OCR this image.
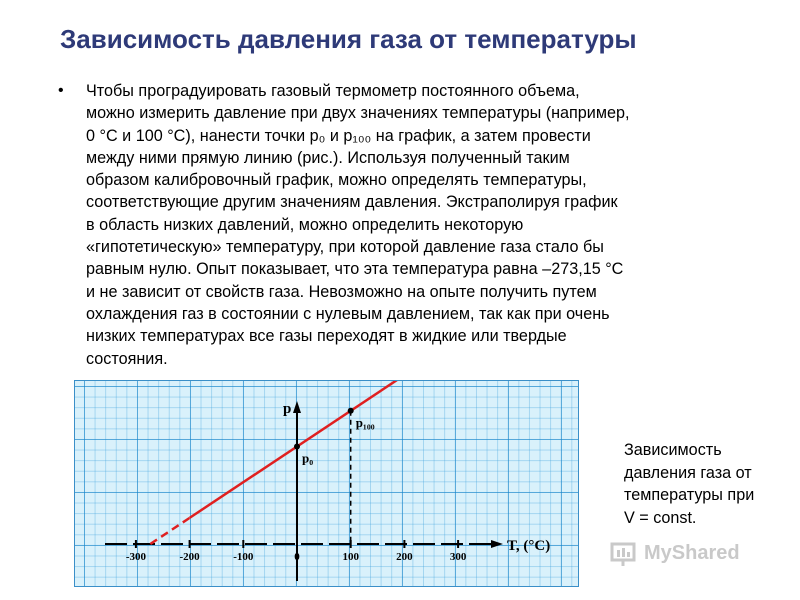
Зависимость давления газа от температуры
• Чтобы проградуировать газовый термометр постоянного объема,
можно измерить давление при двух значениях температуры (например,
0 °С и 100 °С), нанести точки p₀ и p₁₀₀ на график, а затем провести
между ними прямую линию (рис.). Используя полученный таким
образом калибровочный график, можно определять температуры,
соответствующие другим значениям давления. Экстраполируя график
в область низких давлений, можно определить некоторую
«гипотетическую» температуру, при которой давление газа стало бы
равным нулю. Опыт показывает, что эта температура равна –273,15 °С
и не зависит от свойств газа. Невозможно на опыте получить путем
охлаждения газ в состоянии с нулевым давлением, так как при очень
низких температурах все газы переходят в жидкие или твердые
состояния.
-300	-200	-100	0	100	200	300
T, (°C)
p
p₀
p₁₀₀
Зависимость
давления газа от
температуры при
V = const.
MyShared
